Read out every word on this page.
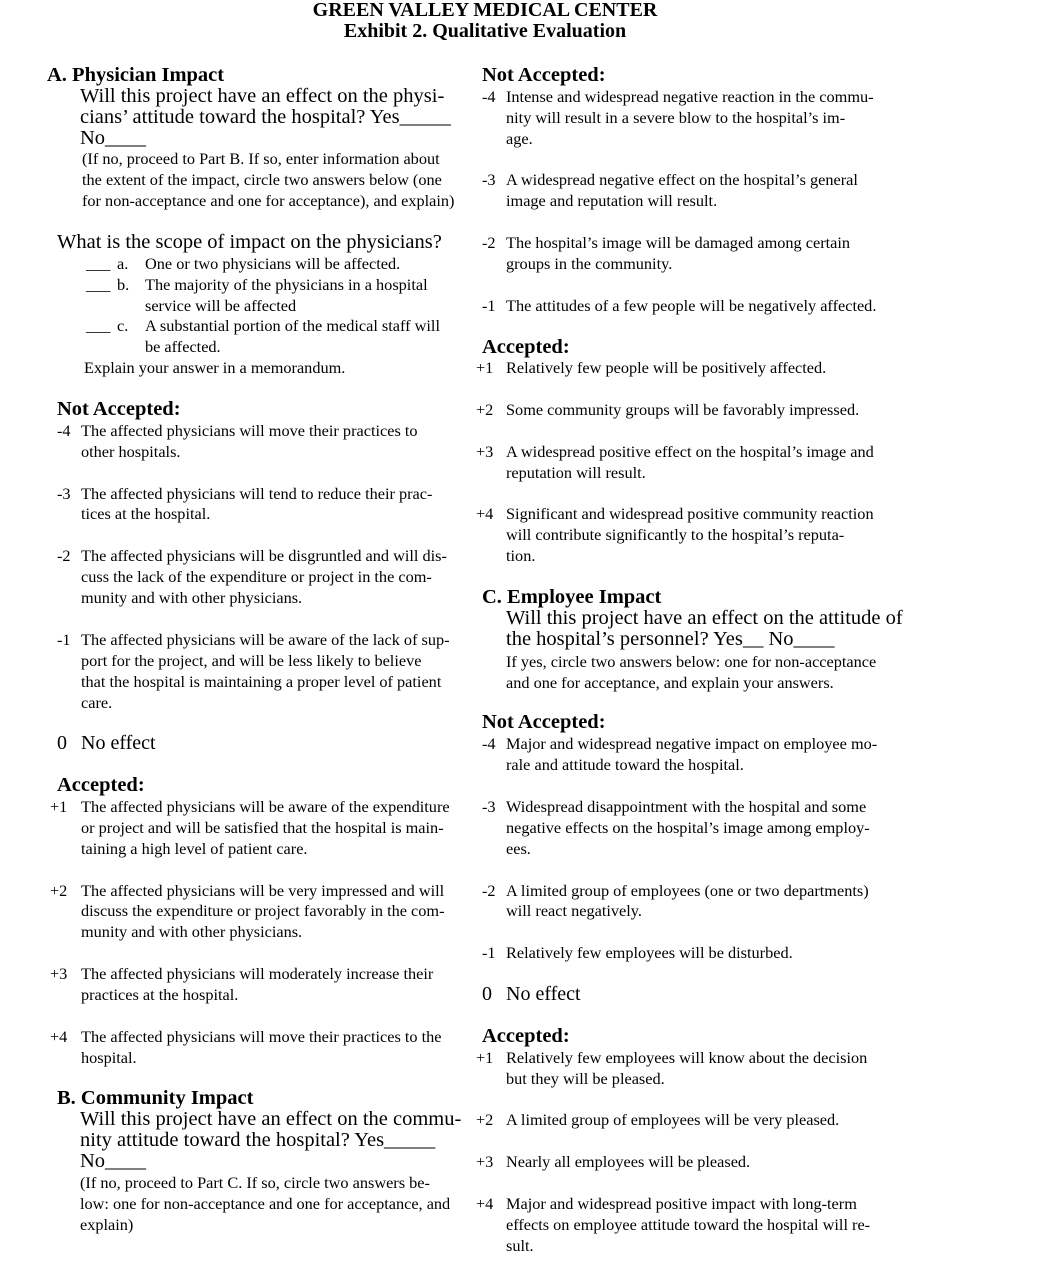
GREEN VALLEY MEDICAL CENTER
Exhibit 2. Qualitative Evaluation
A. Physician Impact
Will this project have an effect on the physi-
cians’ attitude toward the hospital? Yes_____
No____
(If no, proceed to Part B. If so, enter information about
the extent of the impact, circle two answers below (one
for non-acceptance and one for acceptance), and explain)
What is the scope of impact on the physicians?
___ a. One or two physicians will be affected.
___ b. The majority of the physicians in a hospital
service will be affected
___ c. A substantial portion of the medical staff will
be affected.
Explain your answer in a memorandum.
Not Accepted:
-4 The affected physicians will move their practices to
other hospitals.
-3 The affected physicians will tend to reduce their prac-
tices at the hospital.
-2 The affected physicians will be disgruntled and will dis-
cuss the lack of the expenditure or project in the com-
munity and with other physicians.
-1 The affected physicians will be aware of the lack of sup-
port for the project, and will be less likely to believe
that the hospital is maintaining a proper level of patient
care.
0 No effect
Accepted:
+1 The affected physicians will be aware of the expenditure
or project and will be satisfied that the hospital is main-
taining a high level of patient care.
+2 The affected physicians will be very impressed and will
discuss the expenditure or project favorably in the com-
munity and with other physicians.
+3 The affected physicians will moderately increase their
practices at the hospital.
+4 The affected physicians will move their practices to the
hospital.
B. Community Impact
Will this project have an effect on the commu-
nity attitude toward the hospital? Yes_____
No____
(If no, proceed to Part C. If so, circle two answers be-
low: one for non-acceptance and one for acceptance, and
explain)
Not Accepted:
-4 Intense and widespread negative reaction in the commu-
nity will result in a severe blow to the hospital’s im-
age.
-3 A widespread negative effect on the hospital’s general
image and reputation will result.
-2 The hospital’s image will be damaged among certain
groups in the community.
-1 The attitudes of a few people will be negatively affected.
Accepted:
+1 Relatively few people will be positively affected.
+2 Some community groups will be favorably impressed.
+3 A widespread positive effect on the hospital’s image and
reputation will result.
+4 Significant and widespread positive community reaction
will contribute significantly to the hospital’s reputa-
tion.
C. Employee Impact
Will this project have an effect on the attitude of
the hospital’s personnel? Yes__ No____
If yes, circle two answers below: one for non-acceptance
and one for acceptance, and explain your answers.
Not Accepted:
-4 Major and widespread negative impact on employee mo-
rale and attitude toward the hospital.
-3 Widespread disappointment with the hospital and some
negative effects on the hospital’s image among employ-
ees.
-2 A limited group of employees (one or two departments)
will react negatively.
-1 Relatively few employees will be disturbed.
0 No effect
Accepted:
+1 Relatively few employees will know about the decision
but they will be pleased.
+2 A limited group of employees will be very pleased.
+3 Nearly all employees will be pleased.
+4 Major and widespread positive impact with long-term
effects on employee attitude toward the hospital will re-
sult.
